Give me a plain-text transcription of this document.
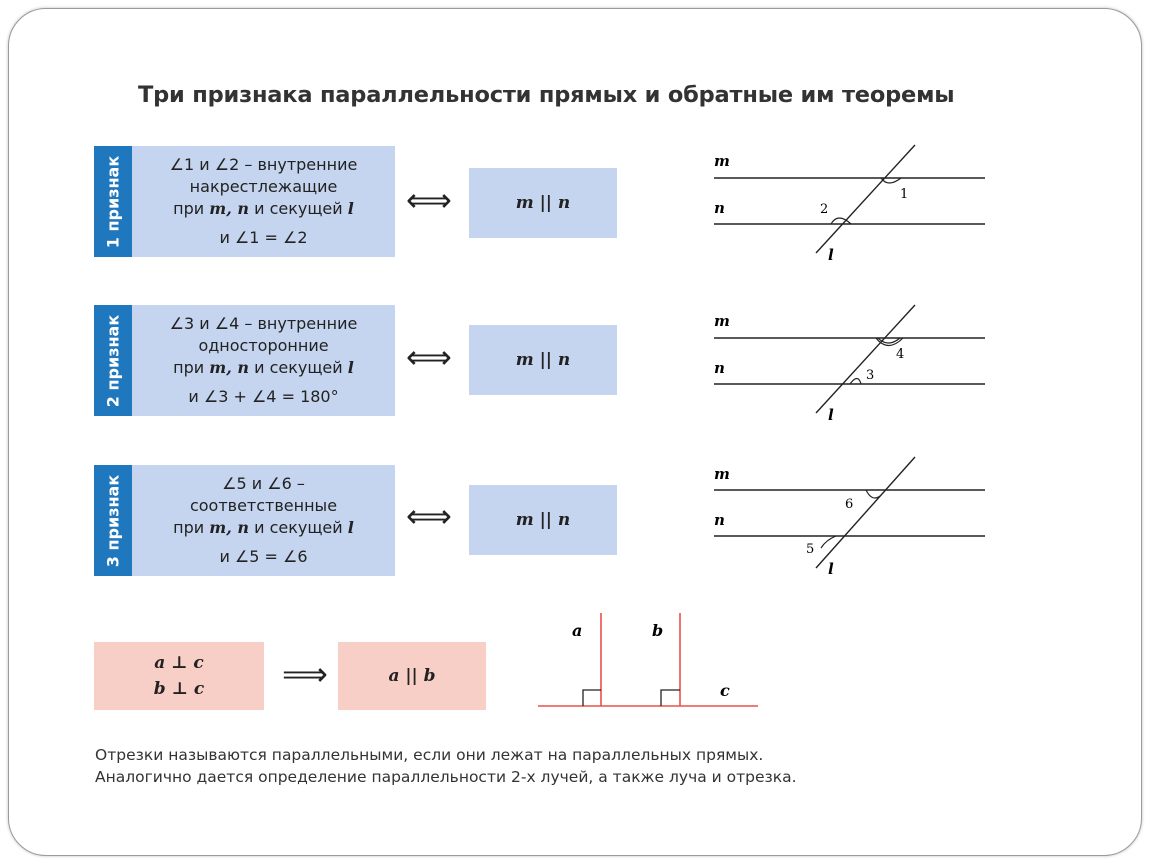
Три признака параллельности прямых и обратные им теоремы
1 признак	∠1 и ∠2 – внутренние
накрестлежащие
при m, n и секущей l
и ∠1 = ∠2
⟺	m || n
m
n
l
1
2
2 признак	∠3 и ∠4 – внутренние
односторонние
при m, n и секущей l
и ∠3 + ∠4 = 180°
⟺	m || n
m
n
l
4
3
3 признак	∠5 и ∠6 –
соответственные
при m, n и секущей l
и ∠5 = ∠6
⟺	m || n
m
n
l
6
5
a ⊥ c
b ⊥ c ⟹	a || b
a	b
c
Отрезки называются параллельными, если они лежат на параллельных прямых.
Аналогично дается определение параллельности 2-х лучей, а также луча и отрезка.
